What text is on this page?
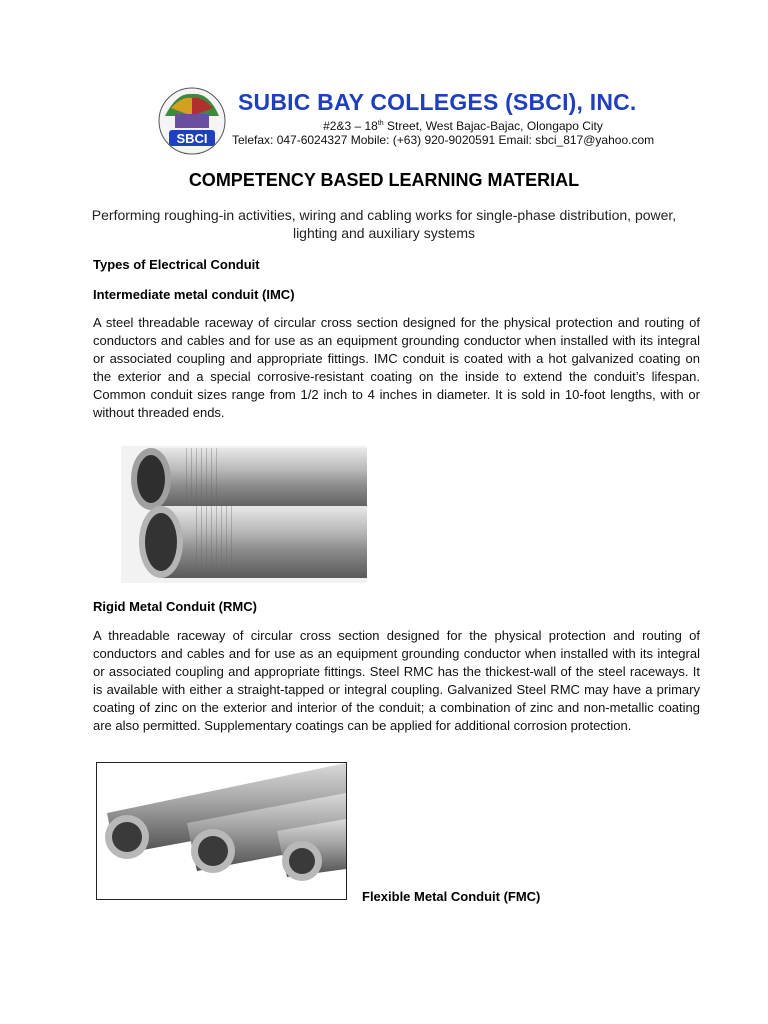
SBCI
SUBIC BAY COLLEGES (SBCI), INC.
#2&3 – 18th Street, West Bajac-Bajac, Olongapo City
Telefax: 047-6024327 Mobile: (+63) 920-9020591 Email: sbci_817@yahoo.com
COMPETENCY BASED LEARNING MATERIAL
Performing roughing-in activities, wiring and cabling works for single-phase distribution, power, lighting and auxiliary systems
Types of Electrical Conduit
Intermediate metal conduit (IMC)
A steel threadable raceway of circular cross section designed for the physical protection and routing of conductors and cables and for use as an equipment grounding conductor when installed with its integral or associated coupling and appropriate fittings. IMC conduit is coated with a hot galvanized coating on the exterior and a special corrosive-resistant coating on the inside to extend the conduit’s lifespan. Common conduit sizes range from 1/2 inch to 4 inches in diameter. It is sold in 10-foot lengths, with or without threaded ends.
Rigid Metal Conduit (RMC)
A threadable raceway of circular cross section designed for the physical protection and routing of conductors and cables and for use as an equipment grounding conductor when installed with its integral or associated coupling and appropriate fittings. Steel RMC has the thickest-wall of the steel raceways. It is available with either a straight-tapped or integral coupling. Galvanized Steel RMC may have a primary coating of zinc on the exterior and interior of the conduit; a combination of zinc and non-metallic coating are also permitted. Supplementary coatings can be applied for additional corrosion protection.
Flexible Metal Conduit (FMC)
